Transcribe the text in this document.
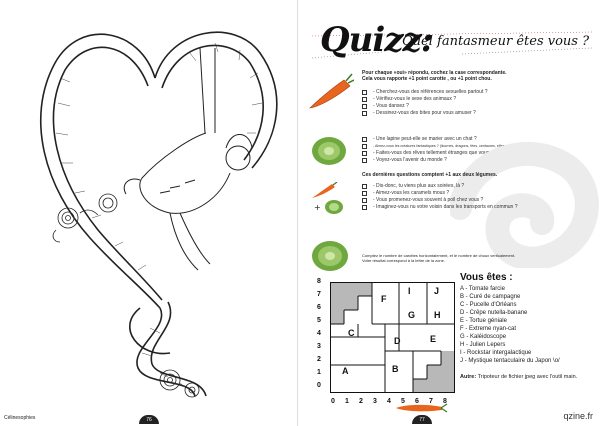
Célinesophies	76
Quizz:
Quel fantasmeur êtes vous ?
Pour chaque «oui» répondu, cochez la case correspondante.
Cela vous rapporte +1 point carotte , ou +1 point chou.
- Cherchez-vous des références sexuelles partout ?
- Vérifiez-vous le sexe des animaux ?
- Vous dansez ?
- Dessinez-vous des bites pour vous amuser ?
- Une lapine peut-elle se marier avec un chat ?
- Aimez-vous les créatures fantastiques ? (licornes, dragons, fées, centaures, elfes, sphinx, etc)
- Faites-vous des rêves tellement étranges que vous ne les comprenez pas bien ?
- Voyez-vous l'avenir du monde ?
Ces dernières questions comptent +1 aux deux légumes.
+
- Dis-donc, tu viens plus aux soirées, là ?
- Aimez-vous les caramels mous ?
- Vous promenez-vous souvent à poil chez vous ?
- Imaginez-vous nu votre voisin dans les transports en commun ?
Comptez le nombre de carottes horizontalement, et le nombre de choux verticalement.
Votre résultat correspond à la lettre de la zone.
8
7
6
5
4
3
2
1
0
F
I	J
G H
C
D	E
A	B
0 1 2 3 4 5 6 7 8
Vous êtes :
A - Tomate farcie
B - Curé de campagne
C - Pucelle d'Orléans
D - Crêpe nutella-banane
E - Tortue géniale
F - Extreme nyan-cat
G - Kaléidoscope
H - Julien Lepers
I - Rockstar intergalactique
J - Mystique tentaculaire du Japon \o/
Autre: Tripoteur de fichier jpeg avec l'outil main.
77	qzine.fr
